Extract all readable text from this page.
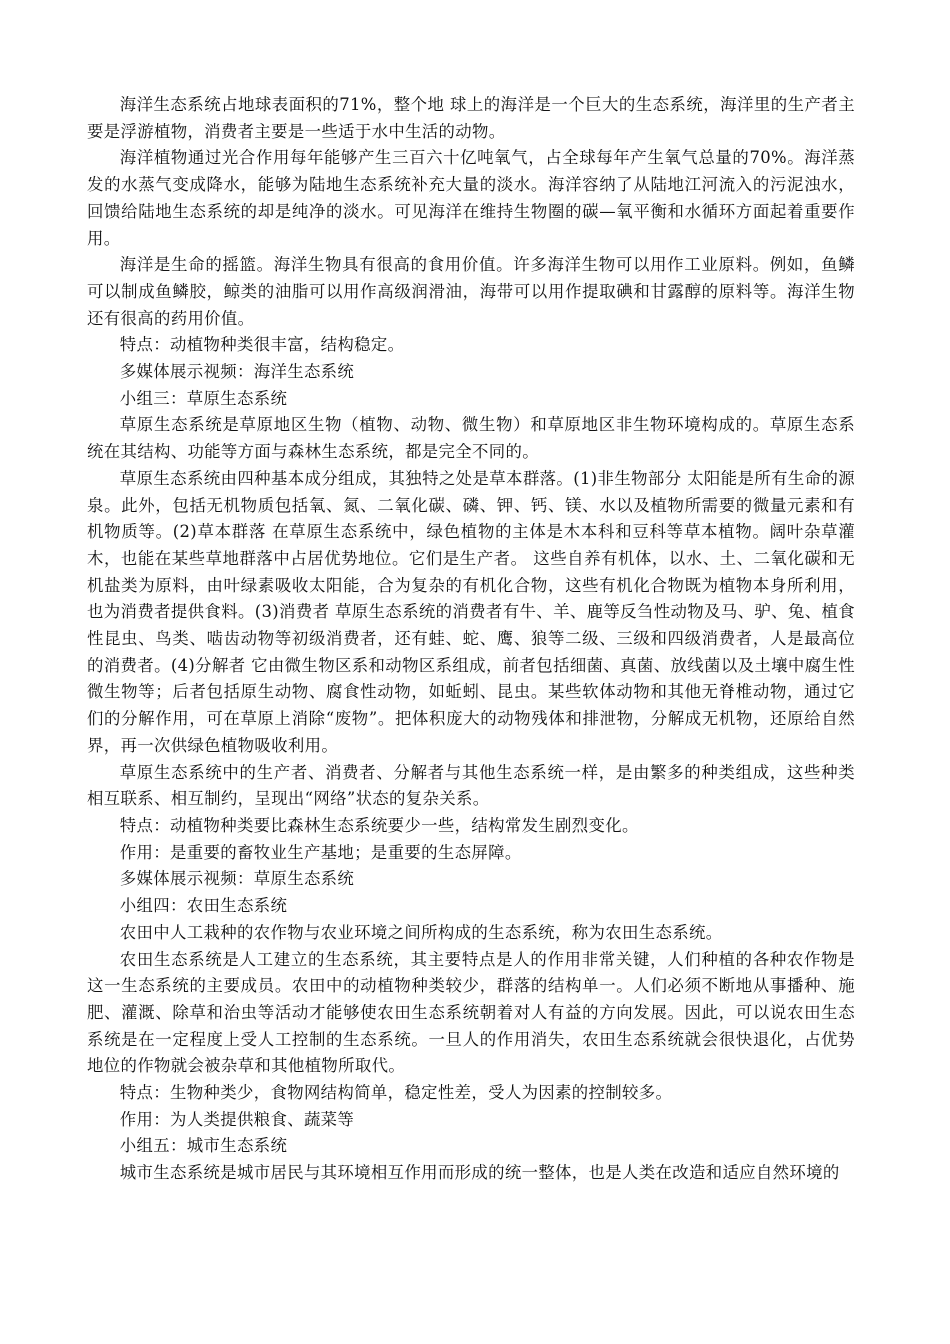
海洋生态系统占地球表面积的71%，整个地 球上的海洋是一个巨大的生态系统，海洋里的生产者主要是浮游植物，消费者主要是一些适于水中生活的动物。

海洋植物通过光合作用每年能够产生三百六十亿吨氧气，占全球每年产生氧气总量的70%。海洋蒸发的水蒸气变成降水，能够为陆地生态系统补充大量的淡水。海洋容纳了从陆地江河流入的污泥浊水，回馈给陆地生态系统的却是纯净的淡水。可见海洋在维持生物圈的碳—氧平衡和水循环方面起着重要作用。

海洋是生命的摇篮。海洋生物具有很高的食用价值。许多海洋生物可以用作工业原料。例如，鱼鳞可以制成鱼鳞胶，鲸类的油脂可以用作高级润滑油，海带可以用作提取碘和甘露醇的原料等。海洋生物还有很高的药用价值。

特点：动植物种类很丰富，结构稳定。

多媒体展示视频：海洋生态系统

小组三：草原生态系统

草原生态系统是草原地区生物（植物、动物、微生物）和草原地区非生物环境构成的。草原生态系统在其结构、功能等方面与森林生态系统，都是完全不同的。

草原生态系统由四种基本成分组成，其独特之处是草本群落。(1)非生物部分 太阳能是所有生命的源泉。此外，包括无机物质包括氧、氮、二氧化碳、磷、钾、钙、镁、水以及植物所需要的微量元素和有机物质等。(2)草本群落 在草原生态系统中，绿色植物的主体是木本科和豆科等草本植物。阔叶杂草灌木，也能在某些草地群落中占居优势地位。它们是生产者。 这些自养有机体，以水、土、二氧化碳和无机盐类为原料，由叶绿素吸收太阳能，合为复杂的有机化合物，这些有机化合物既为植物本身所利用，也为消费者提供食料。(3)消费者 草原生态系统的消费者有牛、羊、鹿等反刍性动物及马、驴、兔、植食性昆虫、鸟类、啮齿动物等初级消费者，还有蛙、蛇、鹰、狼等二级、三级和四级消费者，人是最高位的消费者。(4)分解者 它由微生物区系和动物区系组成，前者包括细菌、真菌、放线菌以及土壤中腐生性微生物等；后者包括原生动物、腐食性动物，如蚯蚓、昆虫。某些软体动物和其他无脊椎动物，通过它们的分解作用，可在草原上消除“废物”。把体积庞大的动物残体和排泄物，分解成无机物，还原给自然界，再一次供绿色植物吸收利用。

草原生态系统中的生产者、消费者、分解者与其他生态系统一样，是由繁多的种类组成，这些种类相互联系、相互制约，呈现出“网络”状态的复杂关系。

特点：动植物种类要比森林生态系统要少一些，结构常发生剧烈变化。

作用：是重要的畜牧业生产基地；是重要的生态屏障。

多媒体展示视频：草原生态系统

小组四：农田生态系统

农田中人工栽种的农作物与农业环境之间所构成的生态系统，称为农田生态系统。

农田生态系统是人工建立的生态系统，其主要特点是人的作用非常关键，人们种植的各种农作物是这一生态系统的主要成员。农田中的动植物种类较少，群落的结构单一。人们必须不断地从事播种、施肥、灌溉、除草和治虫等活动才能够使农田生态系统朝着对人有益的方向发展。因此，可以说农田生态系统是在一定程度上受人工控制的生态系统。一旦人的作用消失，农田生态系统就会很快退化，占优势地位的作物就会被杂草和其他植物所取代。

特点：生物种类少，食物网结构简单，稳定性差，受人为因素的控制较多。

作用：为人类提供粮食、蔬菜等

小组五：城市生态系统

城市生态系统是城市居民与其环境相互作用而形成的统一整体，也是人类在改造和适应自然环境的
